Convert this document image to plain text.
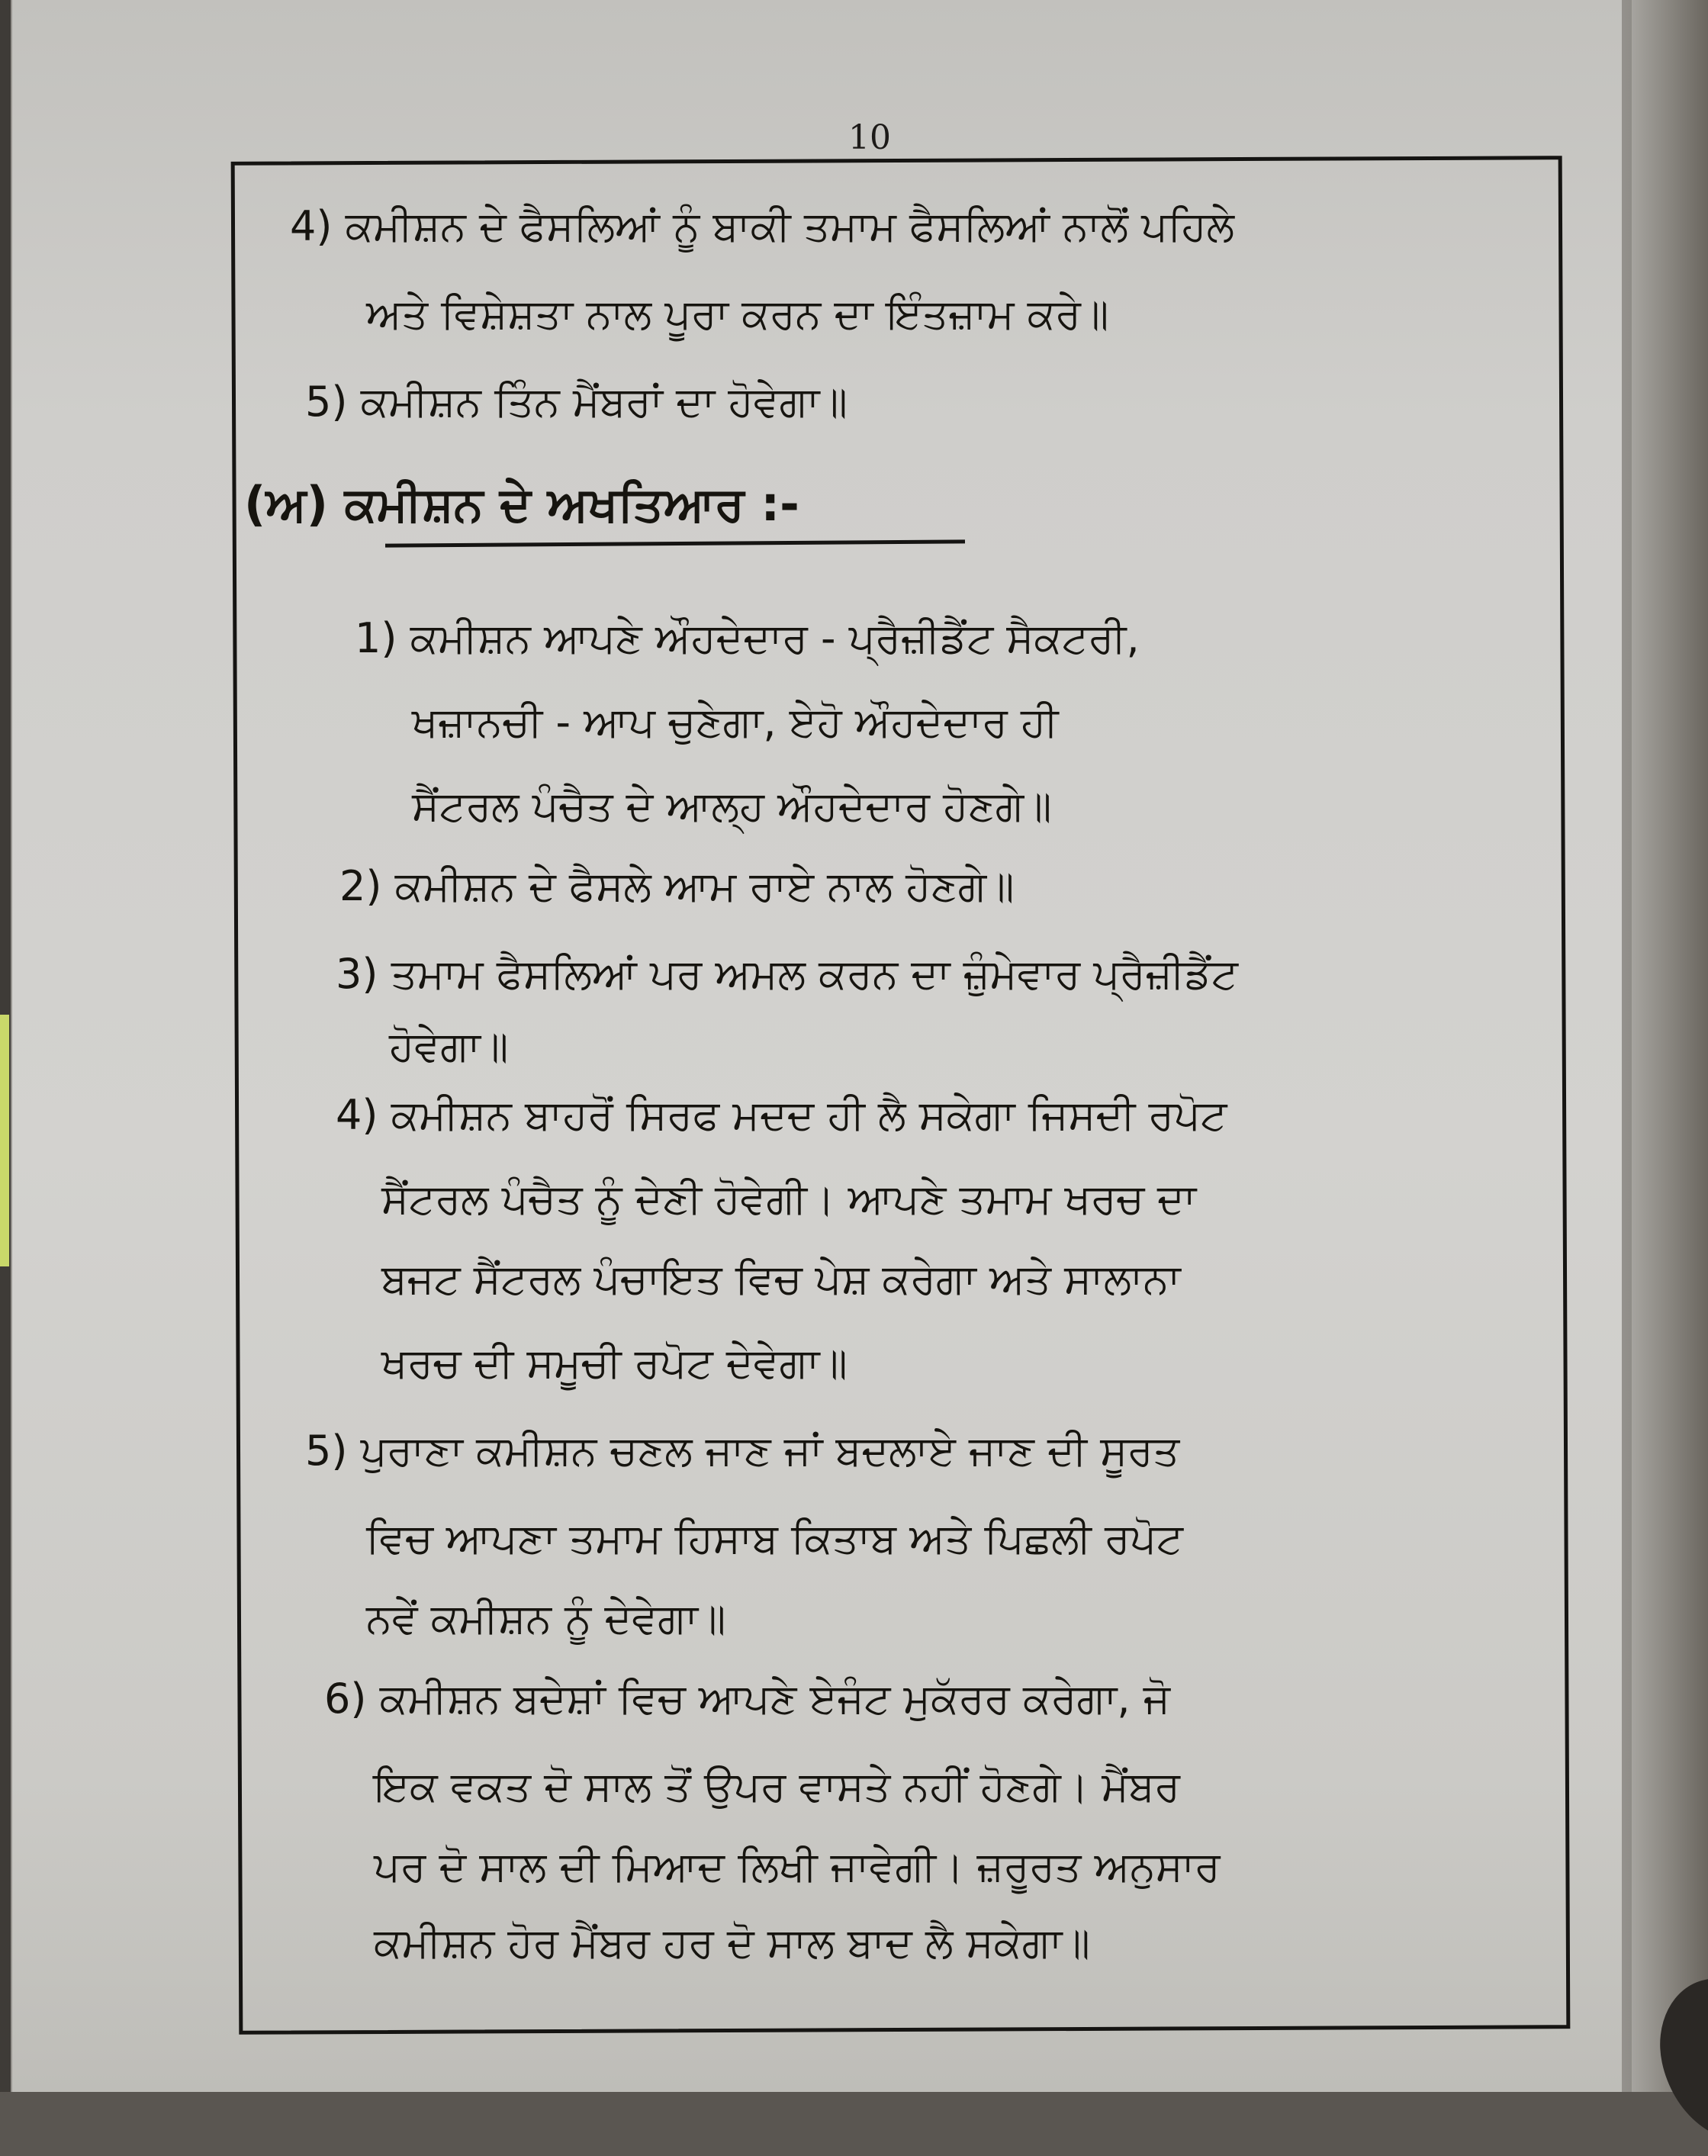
10
4) ਕਮੀਸ਼ਨ ਦੇ ਫੈਸਲਿਆਂ ਨੂੰ ਬਾਕੀ ਤਮਾਮ ਫੈਸਲਿਆਂ ਨਾਲੋਂ ਪਹਿਲੇ
ਅਤੇ ਵਿਸ਼ੇਸ਼ਤਾ ਨਾਲ ਪੂਰਾ ਕਰਨ ਦਾ ਇੰਤਜ਼ਾਮ ਕਰੇ॥
5) ਕਮੀਸ਼ਨ ਤਿੰਨ ਮੈਂਬਰਾਂ ਦਾ ਹੋਵੇਗਾ॥
(ਅ) ਕਮੀਸ਼ਨ ਦੇ ਅਖਤਿਆਰ :-
1) ਕਮੀਸ਼ਨ ਆਪਣੇ ਔਹਦੇਦਾਰ - ਪ੍ਰੈਜ਼ੀਡੈਂਟ ਸੈਕਟਰੀ,
ਖਜ਼ਾਨਚੀ - ਆਪ ਚੁਣੇਗਾ, ਏਹੋ ਔਹਦੇਦਾਰ ਹੀ
ਸੈਂਟਰਲ ਪੰਚੈਤ ਦੇ ਆਲ੍ਹ ਔਹਦੇਦਾਰ ਹੋਣਗੇ॥
2) ਕਮੀਸ਼ਨ ਦੇ ਫੈਸਲੇ ਆਮ ਰਾਏ ਨਾਲ ਹੋਣਗੇ॥
3) ਤਮਾਮ ਫੈਸਲਿਆਂ ਪਰ ਅਮਲ ਕਰਨ ਦਾ ਜ਼ੁੰਮੇਵਾਰ ਪ੍ਰੈਜ਼ੀਡੈਂਟ
ਹੋਵੇਗਾ॥
4) ਕਮੀਸ਼ਨ ਬਾਹਰੋਂ ਸਿਰਫ ਮਦਦ ਹੀ ਲੈ ਸਕੇਗਾ ਜਿਸਦੀ ਰਪੋਟ
ਸੈਂਟਰਲ ਪੰਚੈਤ ਨੂੰ ਦੇਣੀ ਹੋਵੇਗੀ। ਆਪਣੇ ਤਮਾਮ ਖਰਚ ਦਾ
ਬਜਟ ਸੈਂਟਰਲ ਪੰਚਾਇਤ ਵਿਚ ਪੇਸ਼ ਕਰੇਗਾ ਅਤੇ ਸਾਲਾਨਾ
ਖਰਚ ਦੀ ਸਮੂਚੀ ਰਪੋਟ ਦੇਵੇਗਾ॥
5) ਪੁਰਾਣਾ ਕਮੀਸ਼ਨ ਚਣਲ ਜਾਣ ਜਾਂ ਬਦਲਾਏ ਜਾਣ ਦੀ ਸੂਰਤ
ਵਿਚ ਆਪਣਾ ਤਮਾਮ ਹਿਸਾਬ ਕਿਤਾਬ ਅਤੇ ਪਿਛਲੀ ਰਪੋਟ
ਨਵੇਂ ਕਮੀਸ਼ਨ ਨੂੰ ਦੇਵੇਗਾ॥
6) ਕਮੀਸ਼ਨ ਬਦੇਸ਼ਾਂ ਵਿਚ ਆਪਣੇ ਏਜੰਟ ਮੁਕੱਰਰ ਕਰੇਗਾ, ਜੋ
ਇਕ ਵਕਤ ਦੋ ਸਾਲ ਤੋਂ ਉਪਰ ਵਾਸਤੇ ਨਹੀਂ ਹੋਣਗੇ। ਮੈਂਬਰ
ਪਰ ਦੋ ਸਾਲ ਦੀ ਮਿਆਦ ਲਿਖੀ ਜਾਵੇਗੀ। ਜ਼ਰੂਰਤ ਅਨੁਸਾਰ
ਕਮੀਸ਼ਨ ਹੋਰ ਮੈਂਬਰ ਹਰ ਦੋ ਸਾਲ ਬਾਦ ਲੈ ਸਕੇਗਾ॥
